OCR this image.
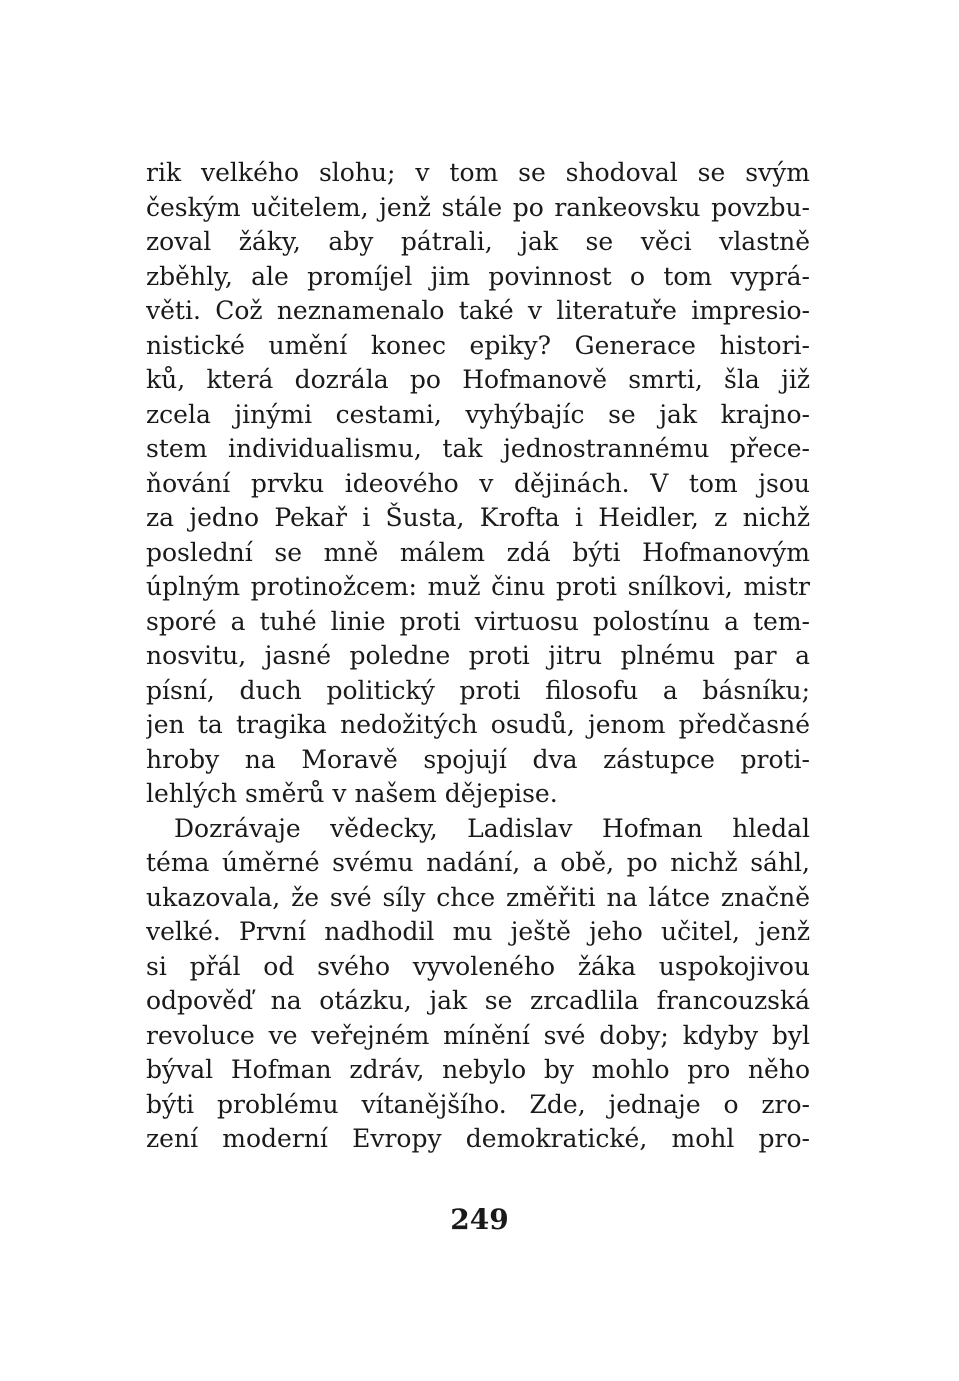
rik velkého slohu; v tom se shodoval se svým
českým učitelem, jenž stále po rankeovsku povzbu-
zoval žáky, aby pátrali, jak se věci vlastně
zběhly, ale promíjel jim povinnost o tom vyprá-
věti. Což neznamenalo také v literatuře impresio-
nistické umění konec epiky? Generace histori-
ků, která dozrála po Hofmanově smrti, šla již
zcela jinými cestami, vyhýbajíc se jak krajno-
stem individualismu, tak jednostrannému přece-
ňování prvku ideového v dějinách. V tom jsou
za jedno Pekař i Šusta, Krofta i Heidler, z nichž
poslední se mně málem zdá býti Hofmanovým
úplným protinožcem: muž činu proti snílkovi, mistr
sporé a tuhé linie proti virtuosu polostínu a tem-
nosvitu, jasné poledne proti jitru plnému par a
písní, duch politický proti filosofu a básníku;
jen ta tragika nedožitých osudů, jenom předčasné
hroby na Moravě spojují dva zástupce proti-
lehlých směrů v našem dějepise.
Dozrávaje vědecky, Ladislav Hofman hledal
téma úměrné svému nadání, a obě, po nichž sáhl,
ukazovala, že své síly chce změřiti na látce značně
velké. První nadhodil mu ještě jeho učitel, jenž
si přál od svého vyvoleného žáka uspokojivou
odpověď na otázku, jak se zrcadlila francouzská
revoluce ve veřejném mínění své doby; kdyby byl
býval Hofman zdráv, nebylo by mohlo pro něho
býti problému vítanějšího. Zde, jednaje o zro-
zení moderní Evropy demokratické, mohl pro-
249
